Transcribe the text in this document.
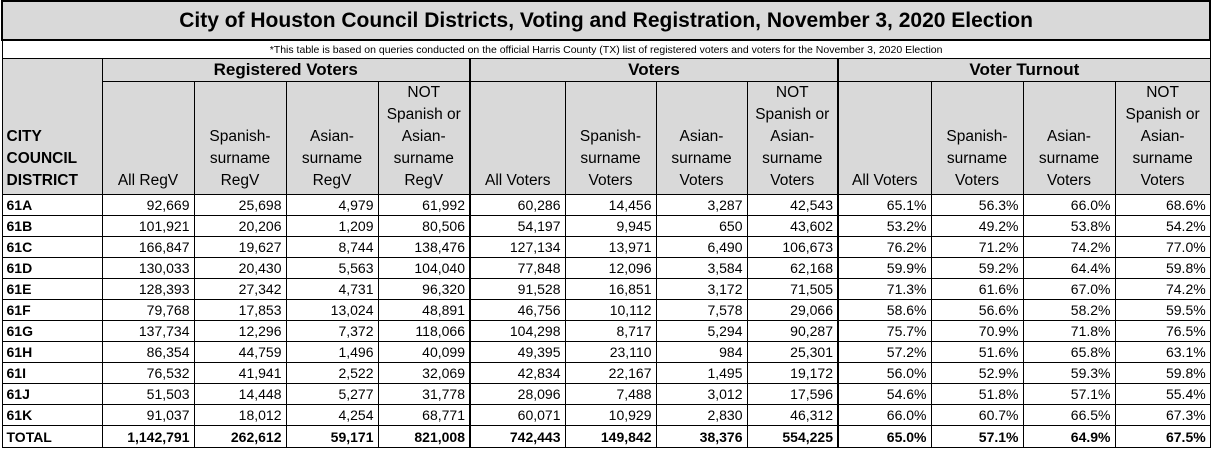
City of Houston Council Districts, Voting and Registration, November 3, 2020 Election												
*This table is based on queries conducted on the official Harris County (TX) list of registered voters and voters for the November 3, 2020 Election												
CITY COUNCIL DISTRICT	Registered Voters				Voters				Voter Turnout			
	All RegV	Spanish-surname RegV	Asian-surname RegV	NOT Spanish or Asian-surname RegV	All Voters	Spanish-surname Voters	Asian-surname Voters	NOT Spanish or Asian-surname Voters	All Voters	Spanish-surname Voters	Asian-surname Voters	NOT Spanish or Asian-surname Voters
61A	92,669	25,698	4,979	61,992	60,286	14,456	3,287	42,543	65.1%	56.3%	66.0%	68.6%
61B	101,921	20,206	1,209	80,506	54,197	9,945	650	43,602	53.2%	49.2%	53.8%	54.2%
61C	166,847	19,627	8,744	138,476	127,134	13,971	6,490	106,673	76.2%	71.2%	74.2%	77.0%
61D	130,033	20,430	5,563	104,040	77,848	12,096	3,584	62,168	59.9%	59.2%	64.4%	59.8%
61E	128,393	27,342	4,731	96,320	91,528	16,851	3,172	71,505	71.3%	61.6%	67.0%	74.2%
61F	79,768	17,853	13,024	48,891	46,756	10,112	7,578	29,066	58.6%	56.6%	58.2%	59.5%
61G	137,734	12,296	7,372	118,066	104,298	8,717	5,294	90,287	75.7%	70.9%	71.8%	76.5%
61H	86,354	44,759	1,496	40,099	49,395	23,110	984	25,301	57.2%	51.6%	65.8%	63.1%
61I	76,532	41,941	2,522	32,069	42,834	22,167	1,495	19,172	56.0%	52.9%	59.3%	59.8%
61J	51,503	14,448	5,277	31,778	28,096	7,488	3,012	17,596	54.6%	51.8%	57.1%	55.4%
61K	91,037	18,012	4,254	68,771	60,071	10,929	2,830	46,312	66.0%	60.7%	66.5%	67.3%
TOTAL	1,142,791	262,612	59,171	821,008	742,443	149,842	38,376	554,225	65.0%	57.1%	64.9%	67.5%
